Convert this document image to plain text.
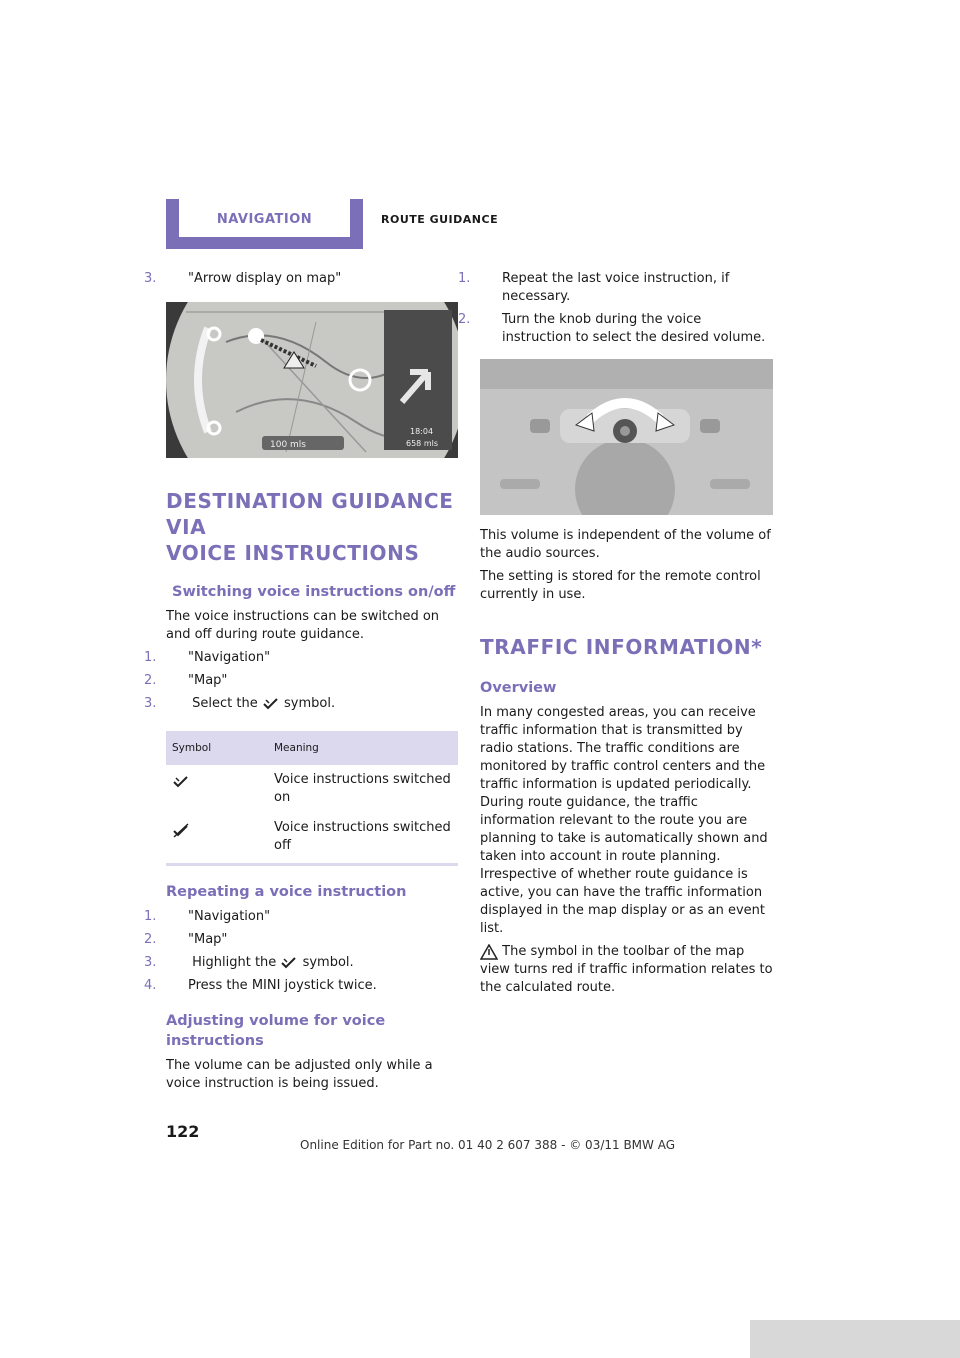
NAVIGATION	ROUTE GUIDANCE
3. "Arrow display on map"
100 mls
18:04
658 mls
DESTINATION GUIDANCE VIA
VOICE INSTRUCTIONS
Switching voice instructions on/off

The voice instructions can be switched on and off during route guidance.

1. "Navigation"
2. "Map"
3.	Select the symbol.
Symbol	Meaning
	Voice instructions switched on
	Voice instructions switched off
Repeating a voice instruction
1. "Navigation"
2. "Map"
3.	Highlight the symbol.
4. Press the MINI joystick twice.
Adjusting volume for voice instructions

The volume can be adjusted only while a voice instruction is being issued.

1. Repeat the last voice instruction, if necessary.
2. Turn the knob during the voice instruction to select the desired volume.

This volume is independent of the volume of the audio sources.

The setting is stored for the remote control currently in use.

TRAFFIC INFORMATION*
Overview

In many congested areas, you can receive traffic information that is transmitted by radio stations. The traffic conditions are monitored by traffic control centers and the traffic information is updated periodically. During route guidance, the traffic information relevant to the route you are planning to take is automatically shown and taken into account in route planning. Irrespective of whether route guidance is active, you can have the traffic information displayed in the map display or as an event list.

The symbol in the toolbar of the map view turns red if traffic information relates to the calculated route.

122
Online Edition for Part no. 01 40 2 607 388 - © 03/11 BMW AG
